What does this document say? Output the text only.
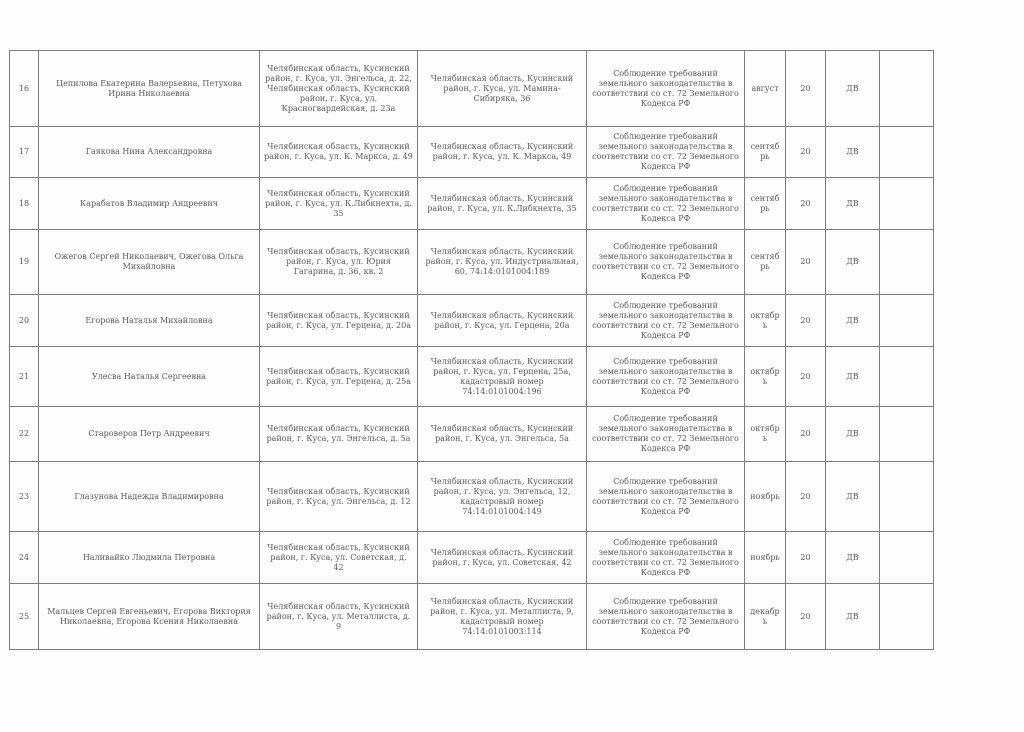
16	Цепилова Екатерина Валерьевна, Петухова Ирина Николаевна	Челябинская область, Кусинский район, г. Куса, ул. Энгельса, д. 22, Челябинская область, Кусинский район, г. Куса, ул. Красногвардейская, д. 23а	Челябинская область, Кусинский район, г. Куса, ул. Мамина-Сибиряка, 36	Соблюдение требований земельного законодательства в соответствии со ст. 72 Земельного Кодекса РФ	август	20	ДВ	
17	Гаякова Нина Александровна	Челябинская область, Кусинский район, г. Куса, ул. К. Маркса, д. 49	Челябинская область, Кусинский район, г. Куса, ул. К. Маркса, 49	Соблюдение требований земельного законодательства в соответствии со ст. 72 Земельного Кодекса РФ	сентябрь	20	ДВ	
18	Карабатов Владимир Андреевич	Челябинская область, Кусинский район, г. Куса, ул. К.Либкнехта, д. 35	Челябинская область, Кусинский район, г. Куса, ул. К.Либкнехта, 35	Соблюдение требований земельного законодательства в соответствии со ст. 72 Земельного Кодекса РФ	сентябрь	20	ДВ	
19	Ожегов Сергей Николаевич, Ожегова Ольга Михайловна	Челябинская область, Кусинский район, г. Куса, ул. Юрия Гагарина, д. 36, кв. 2	Челябинская область, Кусинский район, г. Куса, ул. Индустриальная, 60, 74:14:0101004:189	Соблюдение требований земельного законодательства в соответствии со ст. 72 Земельного Кодекса РФ	сентябрь	20	ДВ	
20	Егорова Наталья Михайловна	Челябинская область, Кусинский район, г. Куса, ул. Герцена, д. 20а	Челябинская область, Кусинский район, г. Куса, ул. Герцена, 20а	Соблюдение требований земельного законодательства в соответствии со ст. 72 Земельного Кодекса РФ	октябрь	20	ДВ	
21	Улесва Наталья Сергеевна	Челябинская область, Кусинский район, г. Куса, ул. Герцена, д. 25а	Челябинская область, Кусинский район, г. Куса, ул. Герцена, 25а, кадастровый номер 74:14:0101004:196	Соблюдение требований земельного законодательства в соответствии со ст. 72 Земельного Кодекса РФ	октябрь	20	ДВ	
22	Староверов Петр Андреевич	Челябинская область, Кусинский район, г. Куса, ул. Энгельса, д. 5а	Челябинская область, Кусинский район, г. Куса, ул. Энгельса, 5а	Соблюдение требований земельного законодательства в соответствии со ст. 72 Земельного Кодекса РФ	октябрь	20	ДВ	
23	Глазунова Надежда Владимировна	Челябинская область, Кусинский район, г. Куса, ул. Энгельса, д. 12	Челябинская область, Кусинский район, г. Куса, ул. Энгельса, 12, кадастровый номер 74:14:0101004:149	Соблюдение требований земельного законодательства в соответствии со ст. 72 Земельного Кодекса РФ	ноябрь	20	ДВ	
24	Наливайко Людмила Петровна	Челябинская область, Кусинский район, г. Куса, ул. Советская, д. 42	Челябинская область, Кусинский район, г. Куса, ул. Советская, 42	Соблюдение требований земельного законодательства в соответствии со ст. 72 Земельного Кодекса РФ	ноябрь	20	ДВ	
25	Мальцев Сергей Евгеньевич, Егорова Виктория Николаевна, Егорова Ксения Николаевна	Челябинская область, Кусинский район, г. Куса, ул. Металлиста, д. 9	Челябинская область, Кусинский район, г. Куса, ул. Металлиста, 9, кадастровый номер 74:14:0101003:114	Соблюдение требований земельного законодательства в соответствии со ст. 72 Земельного Кодекса РФ	декабрь	20	ДВ	
